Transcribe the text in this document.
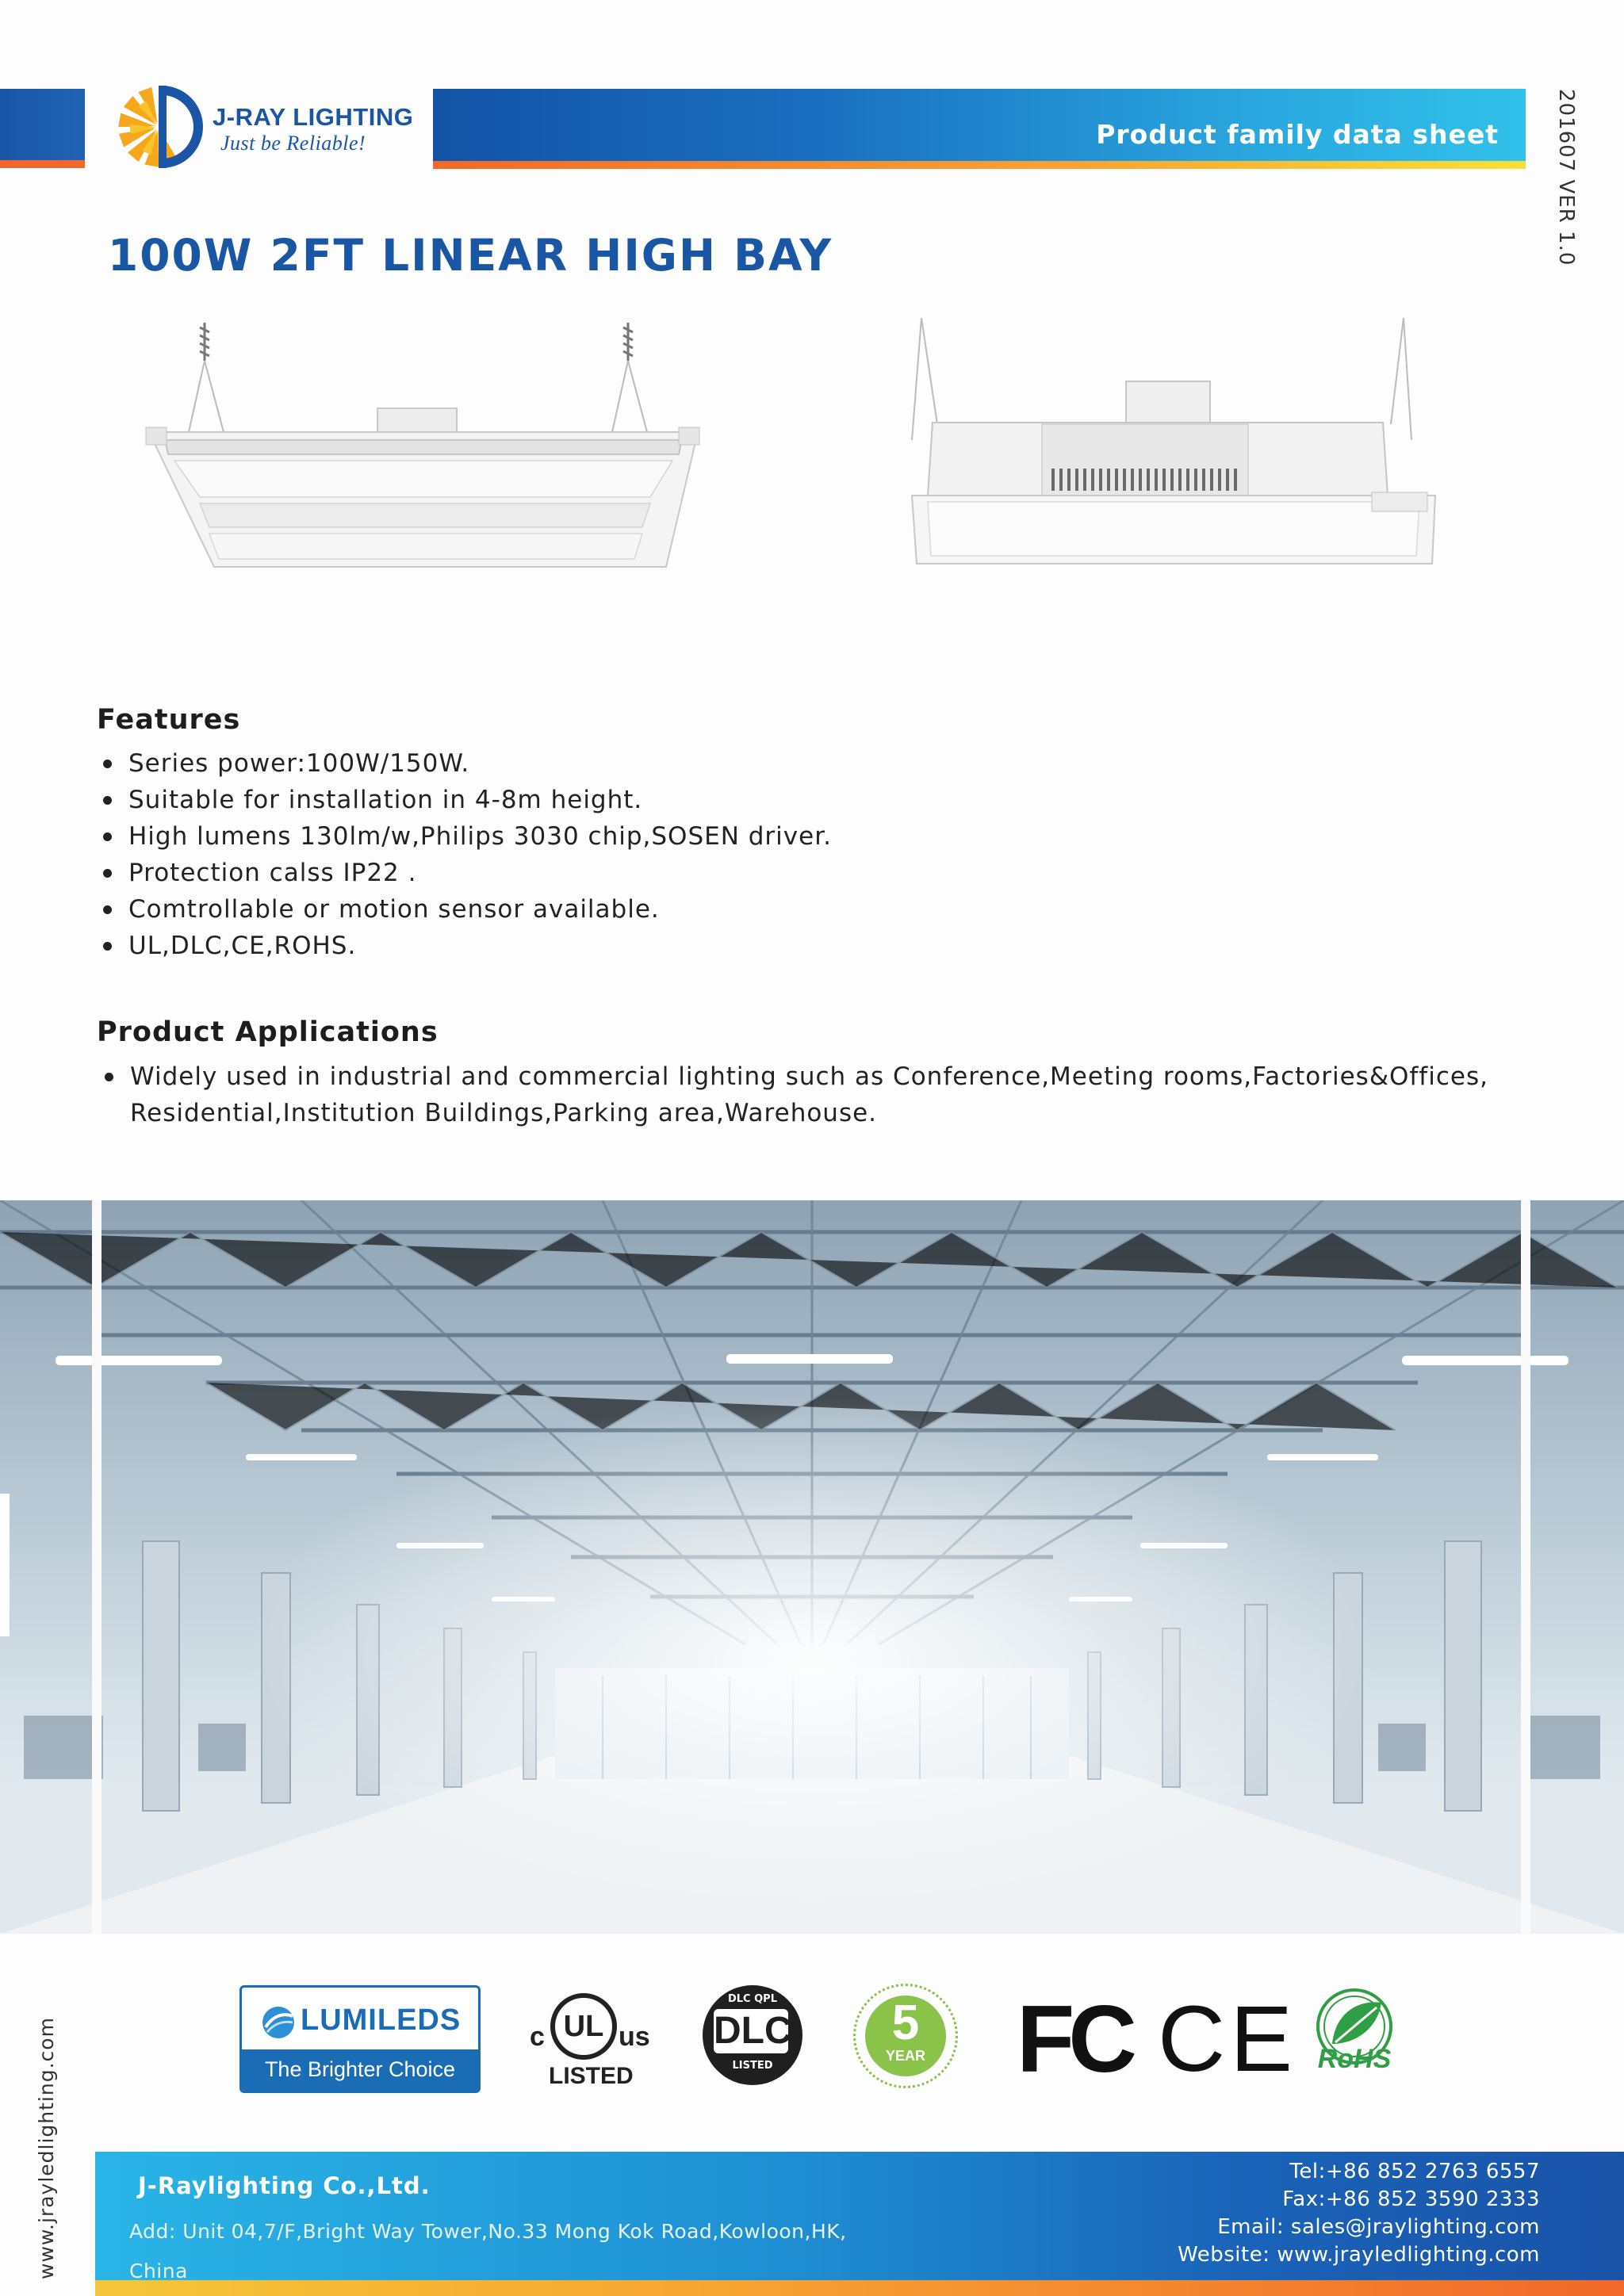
J-RAY LIGHTING
Just be Reliable!	Product family data sheet	201607 VER 1.0
100W 2FT LINEAR HIGH BAY
Features
Series power:100W/150W.
Suitable for installation in 4-8m height.
High lumens 130lm/w,Philips 3030 chip,SOSEN driver.
Protection calss IP22 .
Comtrollable or motion sensor available.
UL,DLC,CE,ROHS.
Product Applications
Widely used in industrial and commercial lighting such as Conference,Meeting rooms,Factories&Offices, Residential,Institution Buildings,Parking area,Warehouse.
LUMILEDS
The Brighter Choice
c UL us
LISTED
DLC QPL
DLC
LISTED
5
YEAR FC CE RoHS
www.jrayledlighting.com	J-Raylighting Co.,Ltd.
Add: Unit 04,7/F,Bright Way Tower,No.33 Mong Kok Road,Kowloon,HK, China
Tel:+86 852 2763 6557
Fax:+86 852 3590 2333
Email: sales@jraylighting.com
Website: www.jrayledlighting.com
